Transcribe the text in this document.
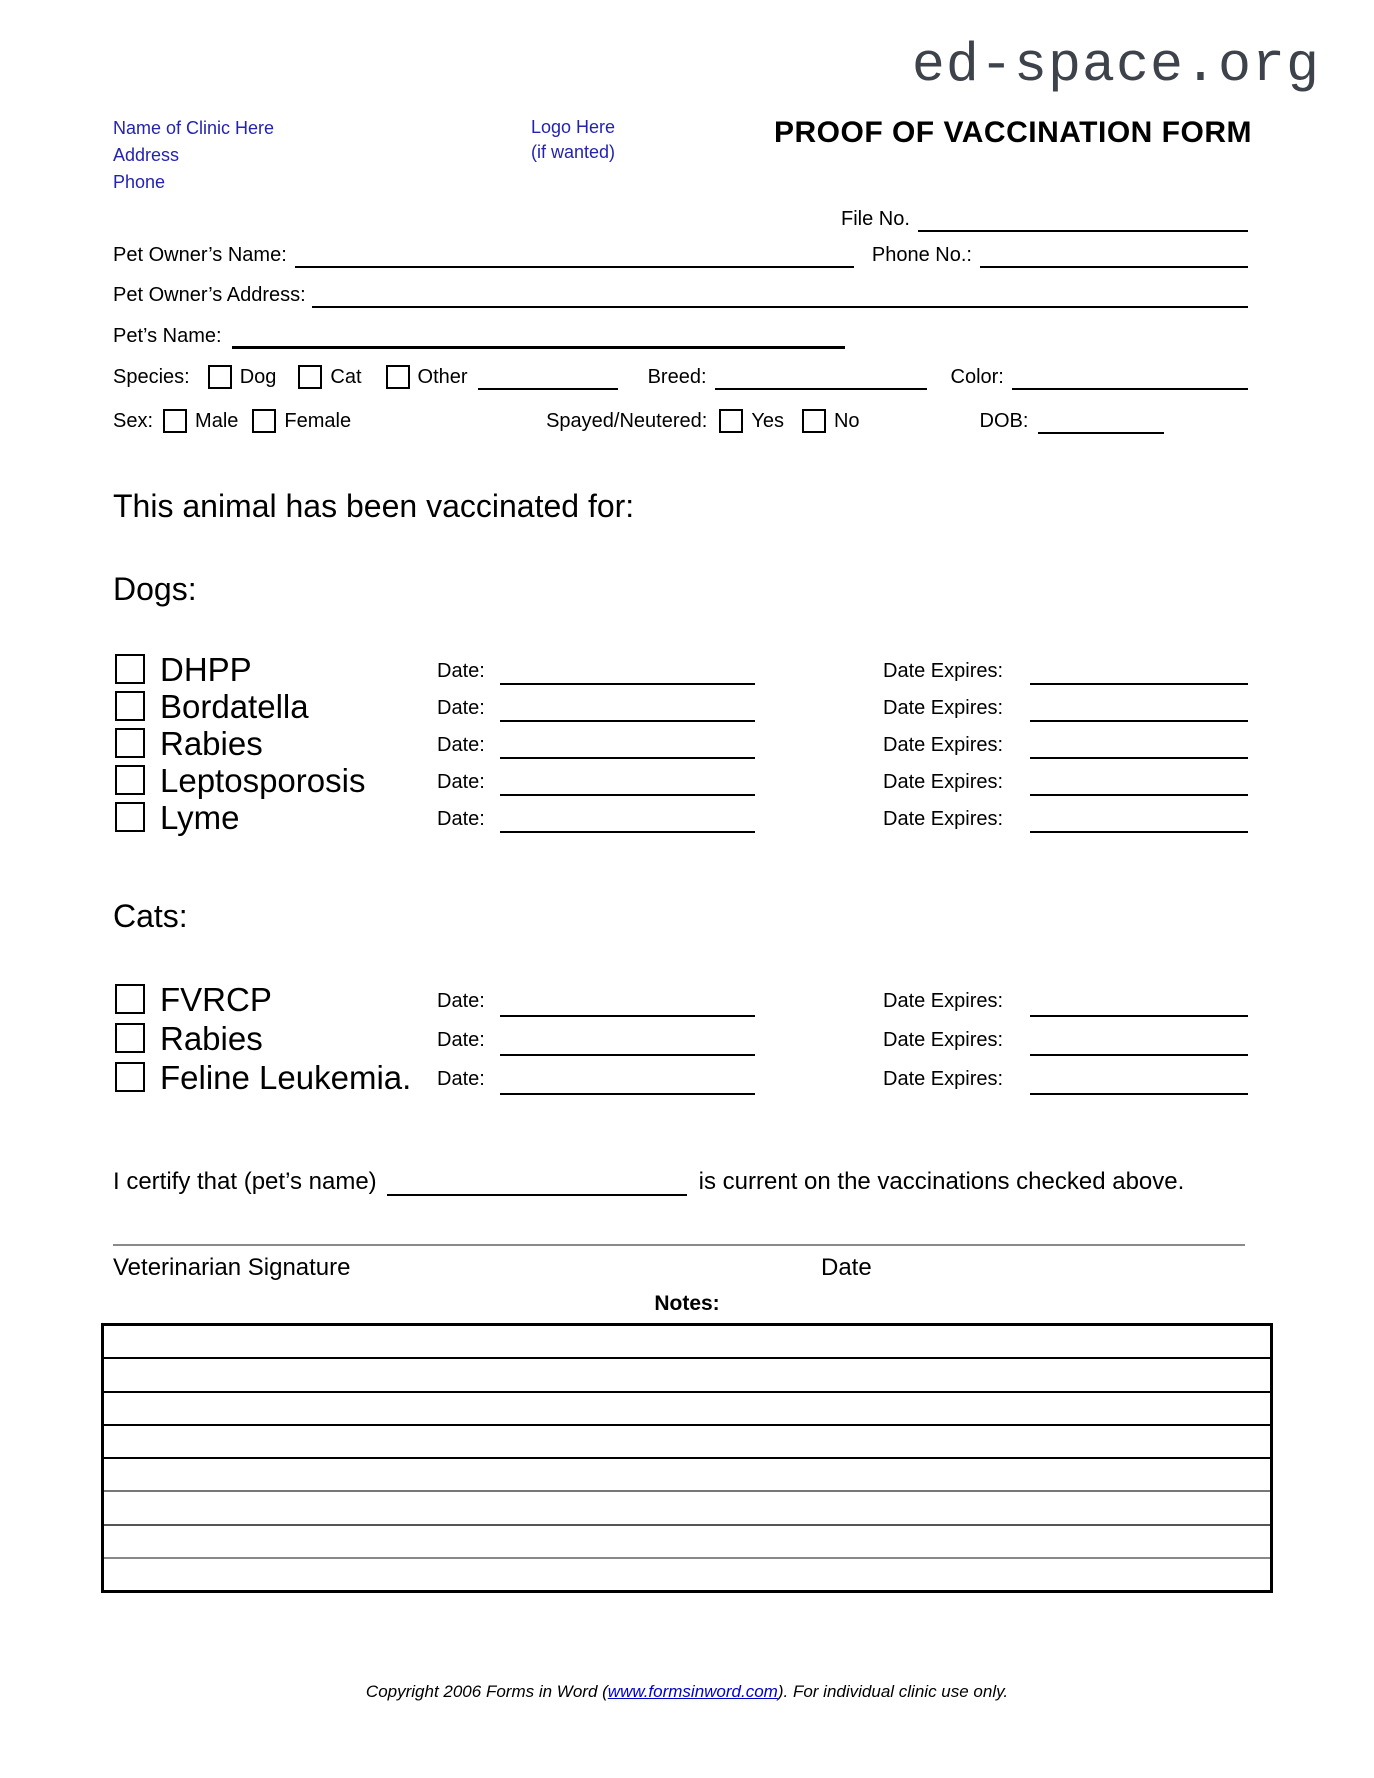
ed-space.org
Name of Clinic Here
Address
Phone
Logo Here
(if wanted)
PROOF OF VACCINATION FORM
File No.
Pet Owner’s Name:	Phone No.:
Pet Owner’s Address:
Pet’s Name:
Species:	Dog	Cat	Other	Breed:	Color:
Sex: Male Female	Spayed/Neutered: Yes	No	DOB:
This animal has been vaccinated for:
Dogs:
DHPP	Date:	Date Expires:
Bordatella	Date:	Date Expires:
Rabies	Date:	Date Expires:
Leptosporosis	Date:	Date Expires:
Lyme	Date:	Date Expires:
Cats:
FVRCP	Date:	Date Expires:
Rabies	Date:	Date Expires:
Feline Leukemia. Date:	Date Expires:
I certify that (pet’s name)	is current on the vaccinations checked above.
Veterinarian Signature	Date
Notes:
Copyright 2006 Forms in Word (www.formsinword.com). For individual clinic use only.
